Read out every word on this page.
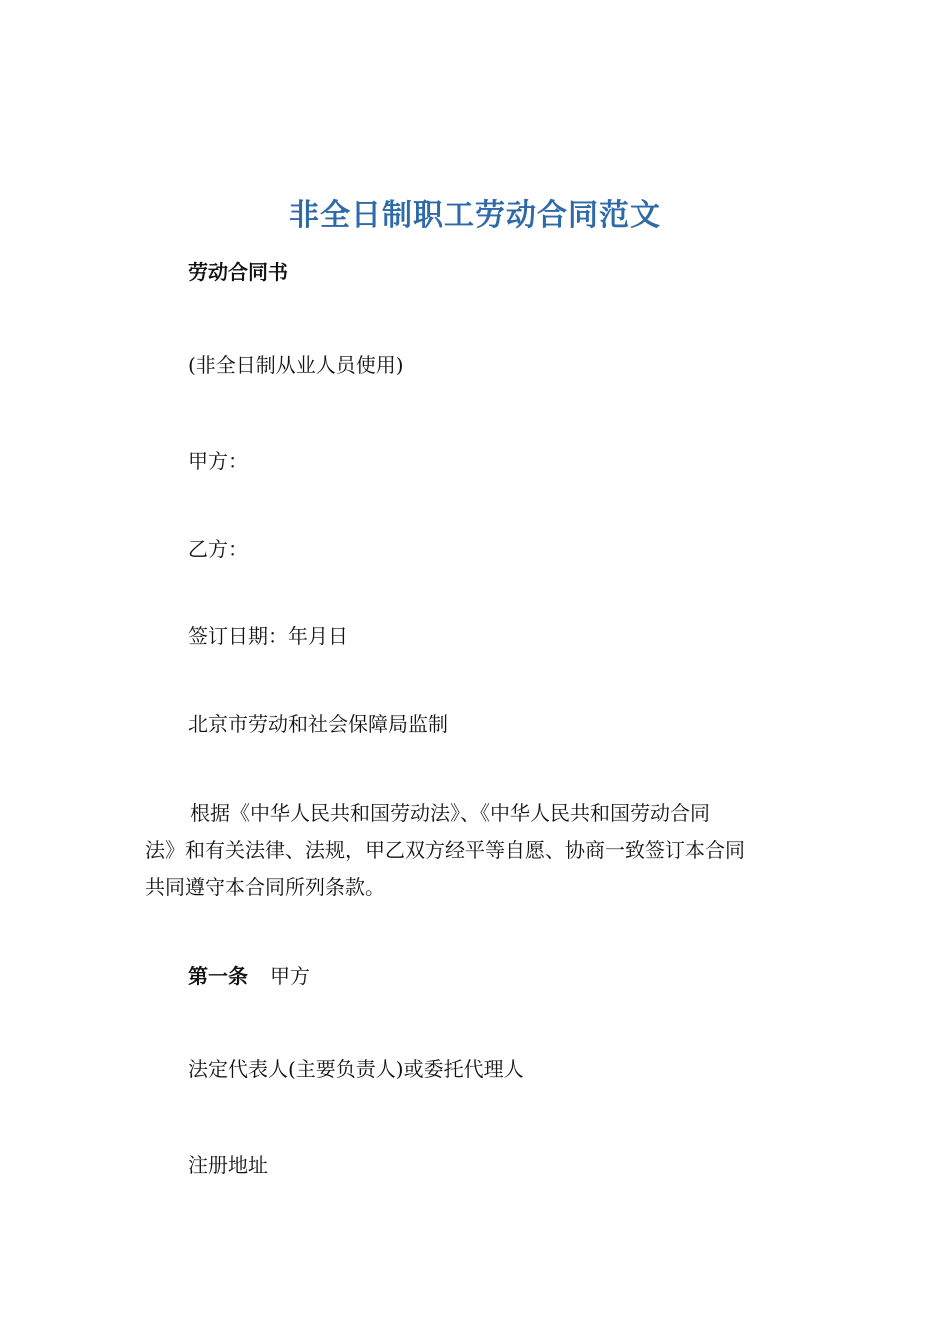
非全日制职工劳动合同范文
劳动合同书
(非全日制从业人员使用)
甲方：
乙方：
签订日期：年月日
北京市劳动和社会保障局监制
根据《中华人民共和国劳动法》、《中华人民共和国劳动合同
法》和有关法律、法规，甲乙双方经平等自愿、协商一致签订本合同
共同遵守本合同所列条款。
第一条 甲方
法定代表人(主要负责人)或委托代理人
注册地址
